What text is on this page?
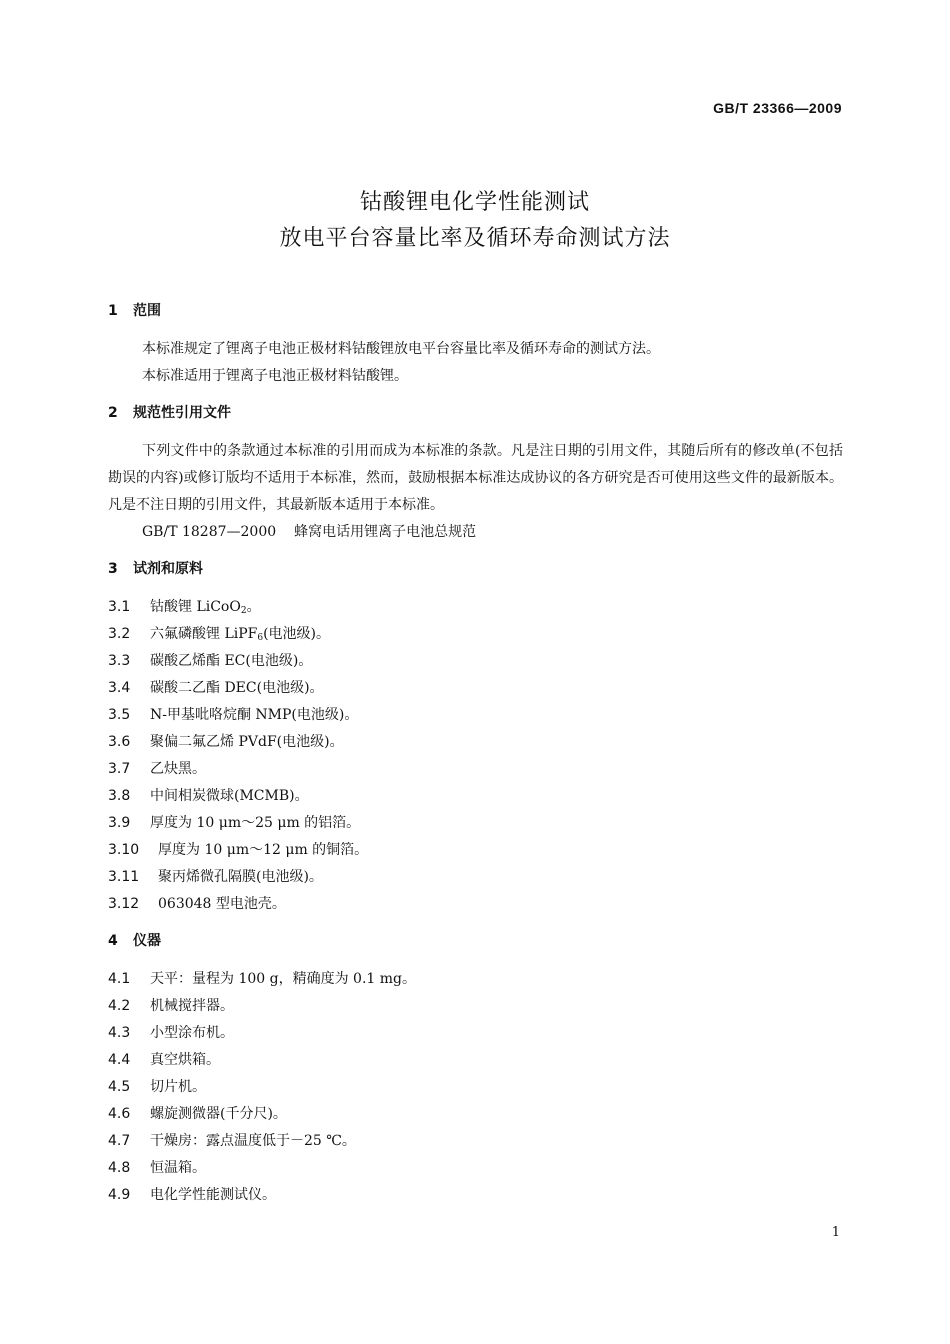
GB/T 23366—2009
钴酸锂电化学性能测试
放电平台容量比率及循环寿命测试方法
1 范围
本标准规定了锂离子电池正极材料钴酸锂放电平台容量比率及循环寿命的测试方法。
本标准适用于锂离子电池正极材料钴酸锂。
2 规范性引用文件
下列文件中的条款通过本标准的引用而成为本标准的条款。凡是注日期的引用文件，其随后所有的修改单(不包括勘误的内容)或修订版均不适用于本标准，然而，鼓励根据本标准达成协议的各方研究是否可使用这些文件的最新版本。凡是不注日期的引用文件，其最新版本适用于本标准。
GB/T 18287—2000 蜂窝电话用锂离子电池总规范
3 试剂和原料
3.1 钴酸锂 LiCoO$_2$。
3.2 六氟磷酸锂 LiPF$_6$(电池级)。
3.3 碳酸乙烯酯 EC(电池级)。
3.4 碳酸二乙酯 DEC(电池级)。
3.5 N-甲基吡咯烷酮 NMP(电池级)。
3.6 聚偏二氟乙烯 PVdF(电池级)。
3.7 乙炔黑。
3.8 中间相炭微球(MCMB)。
3.9 厚度为 10 μm～25 μm 的铝箔。
3.10 厚度为 10 μm～12 μm 的铜箔。
3.11 聚丙烯微孔隔膜(电池级)。
3.12 063048 型电池壳。
4 仪器
4.1 天平：量程为 100 g，精确度为 0.1 mg。
4.2 机械搅拌器。
4.3 小型涂布机。
4.4 真空烘箱。
4.5 切片机。
4.6 螺旋测微器(千分尺)。
4.7 干燥房：露点温度低于－25 ℃。
4.8 恒温箱。
4.9 电化学性能测试仪。
1
